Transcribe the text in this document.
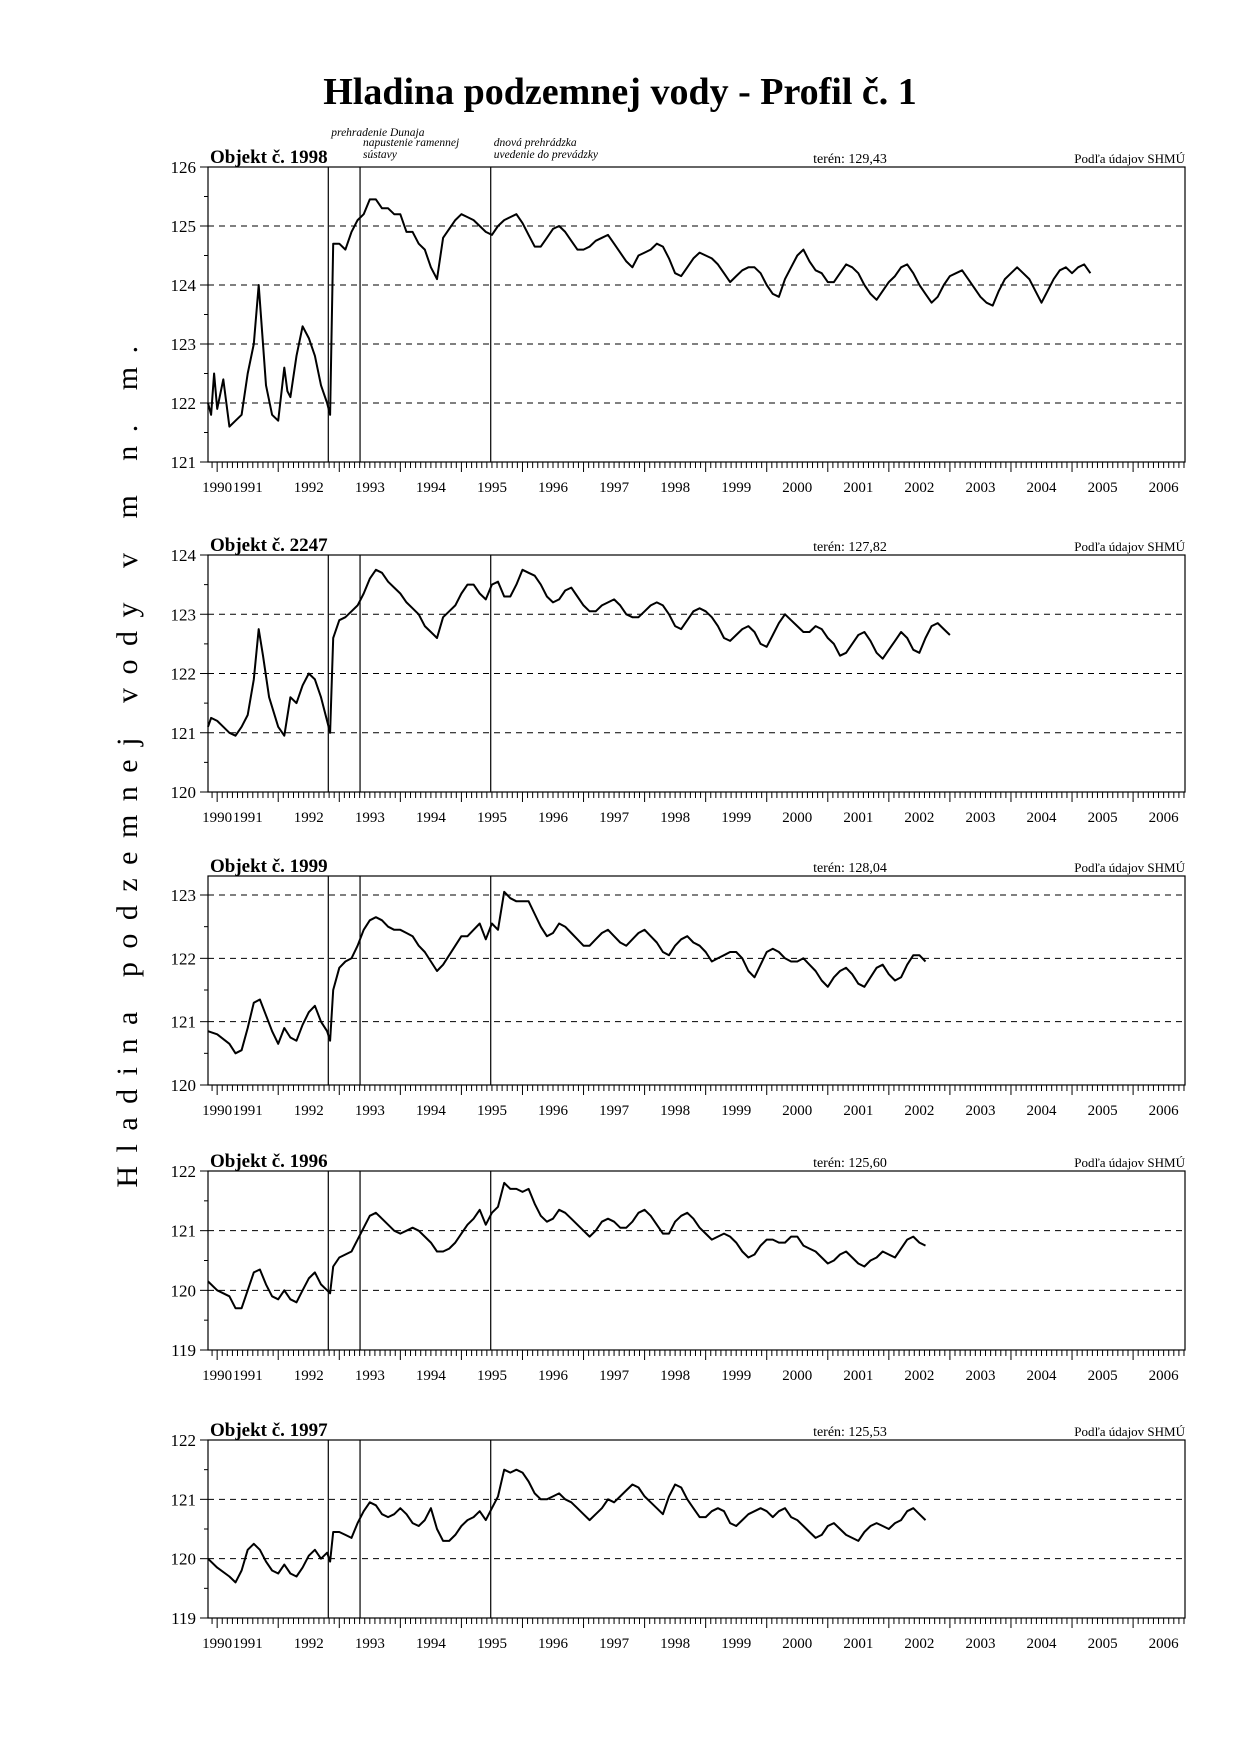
Hladina podzemnej vody - Profil č. 1
Hladina podzemnej vody v m n. m. 121
122
123
124
125
126
1990 1991 1992 1993 1994 1995 1996 1997 1998 1999 2000 2001 2002 2003 2004 2005 2006
Objekt č. 1998	terén: 129,43	Podľa údajov SHMÚ
120
121
122
123
124
1990 1991 1992 1993 1994 1995 1996 1997 1998 1999 2000 2001 2002 2003 2004 2005 2006
Objekt č. 2247	terén: 127,82	Podľa údajov SHMÚ
120
121
122
123
1990 1991 1992 1993 1994 1995 1996 1997 1998 1999 2000 2001 2002 2003 2004 2005 2006
Objekt č. 1999	terén: 128,04	Podľa údajov SHMÚ
119
120
121
122
1990 1991 1992 1993 1994 1995 1996 1997 1998 1999 2000 2001 2002 2003 2004 2005 2006
Objekt č. 1996	terén: 125,60	Podľa údajov SHMÚ
119
120
121
122
1990 1991 1992 1993 1994 1995 1996 1997 1998 1999 2000 2001 2002 2003 2004 2005 2006
Objekt č. 1997	terén: 125,53	Podľa údajov SHMÚ
prehradenie Dunaja
napustenie ramennej
sústavy
dnová prehrádzka
uvedenie do prevádzky
